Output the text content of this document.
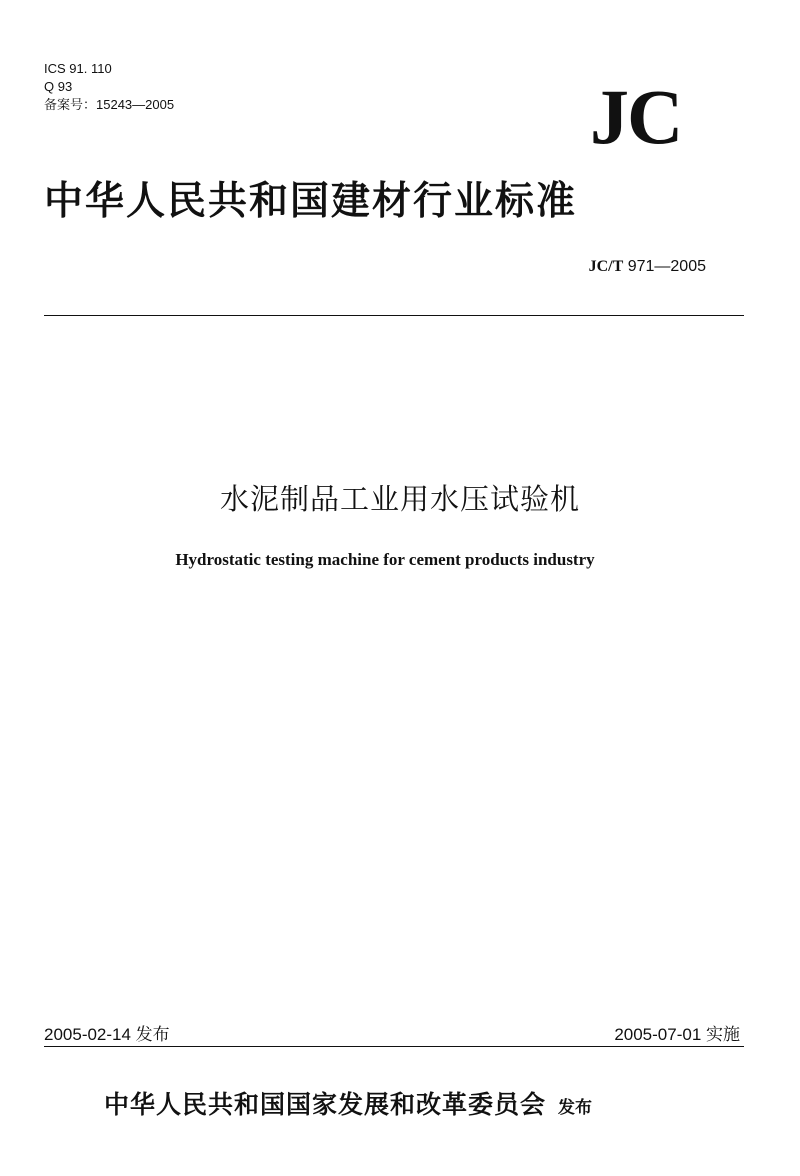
ICS 91. 110
Q 93
备案号：15243—2005	JC
中华人民共和国建材行业标准
JC/T 971—2005
水泥制品工业用水压试验机
Hydrostatic testing machine for cement products industry
2005-02-14 发布	2005-07-01 实施
中华人民共和国国家发展和改革委员会 发布
